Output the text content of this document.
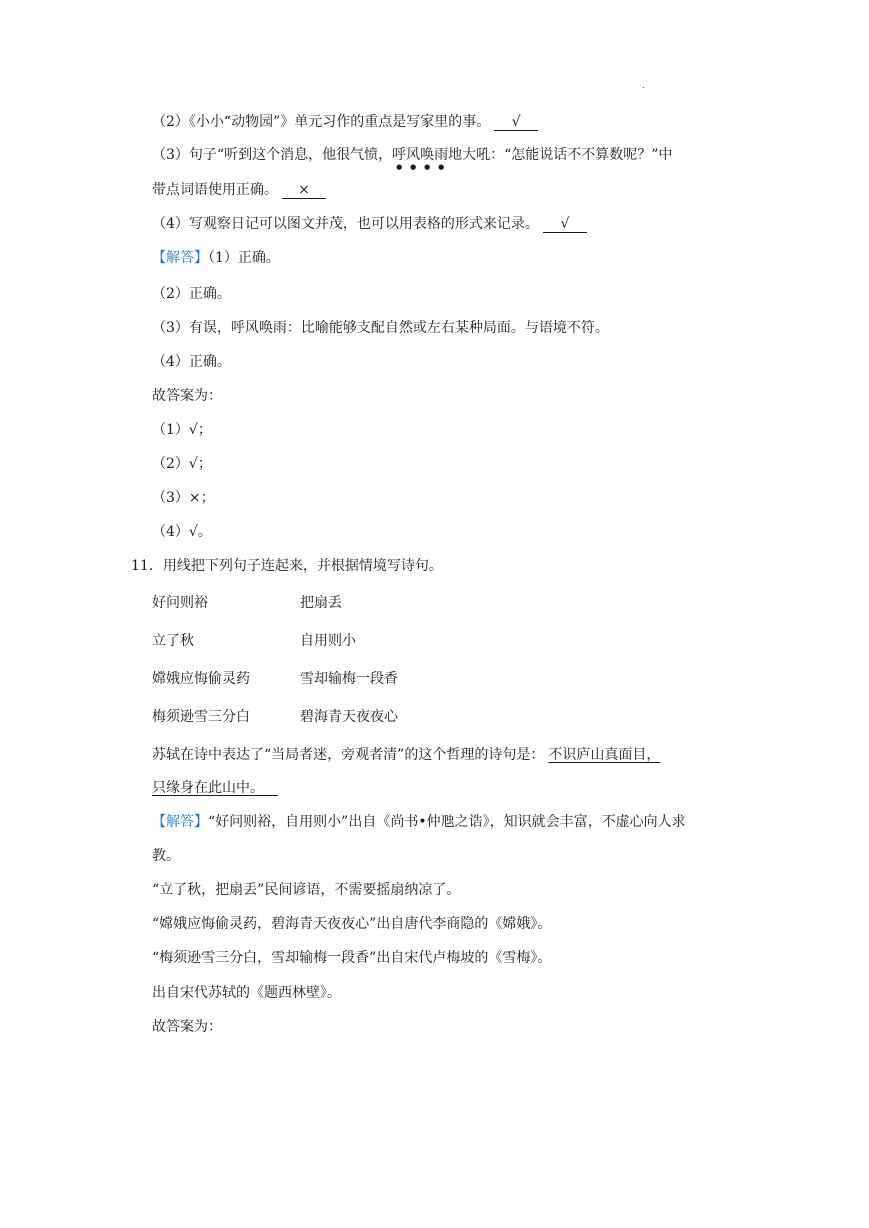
.
（2）《小小“动物园”》单元习作的重点是写家里的事。 √
（3）句子“听到这个消息，他很气愤，呼风唤雨地大吼：“怎能说话不不算数呢？”中
带点词语使用正确。 ×
（4）写观察日记可以图文并茂，也可以用表格的形式来记录。 √
【解答】（1）正确。
（2）正确。
（3）有误，呼风唤雨：比喻能够支配自然或左右某种局面。与语境不符。
（4）正确。
故答案为：
（1）√；
（2）√；
（3）×；
（4）√。
11．用线把下列句子连起来，并根据情境写诗句。
好问则裕	把扇丢
立了秋	自用则小
嫦娥应悔偷灵药	雪却输梅一段香
梅须逊雪三分白	碧海青天夜夜心
苏轼在诗中表达了“当局者迷，旁观者清”的这个哲理的诗句是： 不识庐山真面目，
只缘身在此山中。  
【解答】“好问则裕，自用则小”出自《尚书•仲虺之诰》，知识就会丰富，不虚心向人求
教。
“立了秋，把扇丢”民间谚语，不需要摇扇纳凉了。
“嫦娥应悔偷灵药，碧海青天夜夜心”出自唐代李商隐的《嫦娥》。
“梅须逊雪三分白，雪却输梅一段香”出自宋代卢梅坡的《雪梅》。
出自宋代苏轼的《题西林壁》。
故答案为：
